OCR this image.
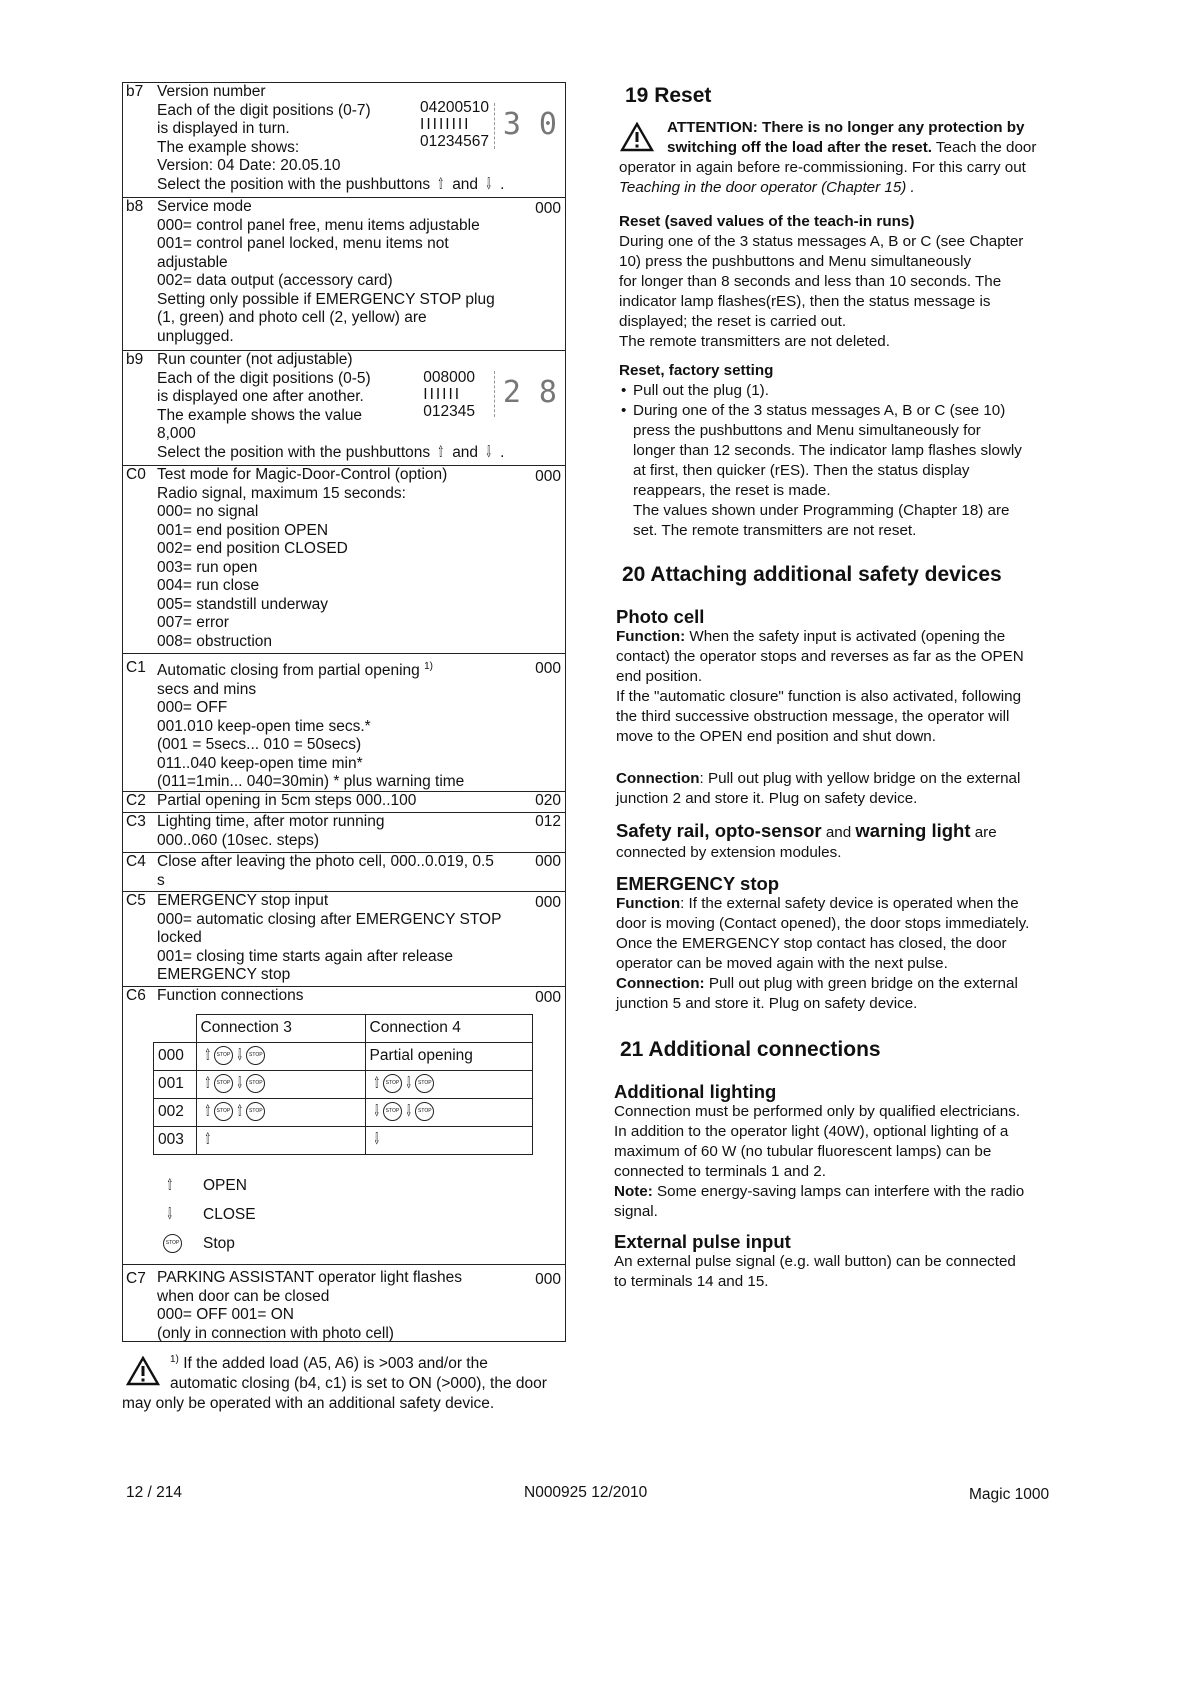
b7 Version number
Each of the digit positions (0-7)
is displayed in turn.
The example shows:
Version: 04 Date: 20.05.10
Select the position with the pushbuttons ⇧ and ⇩ .
04200510
IIIIIIII
01234567 3 0
b8	000
Service mode
000= control panel free, menu items adjustable
001= control panel locked, menu items not
adjustable
002= data output (accessory card)
Setting only possible if EMERGENCY STOP plug
(1, green) and photo cell (2, yellow) are
unplugged.
b9 Run counter (not adjustable)
Each of the digit positions (0-5)
is displayed one after another.
The example shows the value
8,000
Select the position with the pushbuttons ⇧ and ⇩ .
008000
IIIIII
012345
2 8
C0	000
Test mode for Magic-Door-Control (option)
Radio signal, maximum 15 seconds:
000= no signal
001= end position OPEN
002= end position CLOSED
003= run open
004= run close
005= standstill underway
007= error
008= obstruction
C1	000
Automatic closing from partial opening $^{1)}$
secs and mins
000= OFF
001.010 keep-open time secs.*
(001 = 5secs... 010 = 50secs)
011..040 keep-open time min*
(011=1min... 040=30min) * plus warning time
C2	020
Partial opening in 5cm steps 000..100
C3	012
Lighting time, after motor running
000..060 (10sec. steps)
C4	000
Close after leaving the photo cell, 000..0.019, 0.5
s
C5	000
EMERGENCY stop input
000= automatic closing after EMERGENCY STOP
locked
001= closing time starts again after release
EMERGENCY stop
C6	000
Function connections
	Connection 3	Connection 4
000	⇧ STOP ⇩ STOP	Partial opening
001	⇧ STOP ⇩ STOP	⇧ STOP ⇩ STOP
002	⇧ STOP ⇧ STOP	⇩ STOP ⇩ STOP
003	⇧	⇩
⇧ OPEN
⇩ CLOSE
STOP Stop
C7	000
PARKING ASSISTANT operator light flashes
when door can be closed
000= OFF 001= ON
(only in connection with photo cell)
$^{1)}$ If the added load (A5, A6) is >003 and/or the
automatic closing (b4, c1) is set to ON (>000), the door
may only be operated with an additional safety device.
19 Reset
ATTENTION: There is no longer any protection by
switching off the load after the reset. Teach the door
operator in again before re-commissioning. For this carry out
Teaching in the door operator (Chapter 15) .
Reset (saved values of the teach-in runs)
During one of the 3 status messages A, B or C (see Chapter
10) press the pushbuttons and Menu simultaneously
for longer than 8 seconds and less than 10 seconds. The
indicator lamp flashes(rES), then the status message is
displayed; the reset is carried out.
The remote transmitters are not deleted.
Reset, factory setting
• Pull out the plug (1).
• During one of the 3 status messages A, B or C (see 10)
press the pushbuttons and Menu simultaneously for
longer than 12 seconds. The indicator lamp flashes slowly
at first, then quicker (rES). Then the status display
reappears, the reset is made.
The values shown under Programming (Chapter 18) are
set. The remote transmitters are not reset.
20 Attaching additional safety devices
Photo cell
Function: When the safety input is activated (opening the
contact) the operator stops and reverses as far as the OPEN
end position.
If the "automatic closure" function is also activated, following
the third successive obstruction message, the operator will
move to the OPEN end position and shut down.
Connection: Pull out plug with yellow bridge on the external
junction 2 and store it. Plug on safety device.
Safety rail, opto-sensor and warning light are
connected by extension modules.
EMERGENCY stop
Function: If the external safety device is operated when the
door is moving (Contact opened), the door stops immediately.
Once the EMERGENCY stop contact has closed, the door
operator can be moved again with the next pulse.
Connection: Pull out plug with green bridge on the external
junction 5 and store it. Plug on safety device.
21 Additional connections
Additional lighting
Connection must be performed only by qualified electricians.
In addition to the operator light (40W), optional lighting of a
maximum of 60 W (no tubular fluorescent lamps) can be
connected to terminals 1 and 2.
Note: Some energy-saving lamps can interfere with the radio
signal.
External pulse input
An external pulse signal (e.g. wall button) can be connected
to terminals 14 and 15.
12 / 214	N000925 12/2010	Magic 1000
